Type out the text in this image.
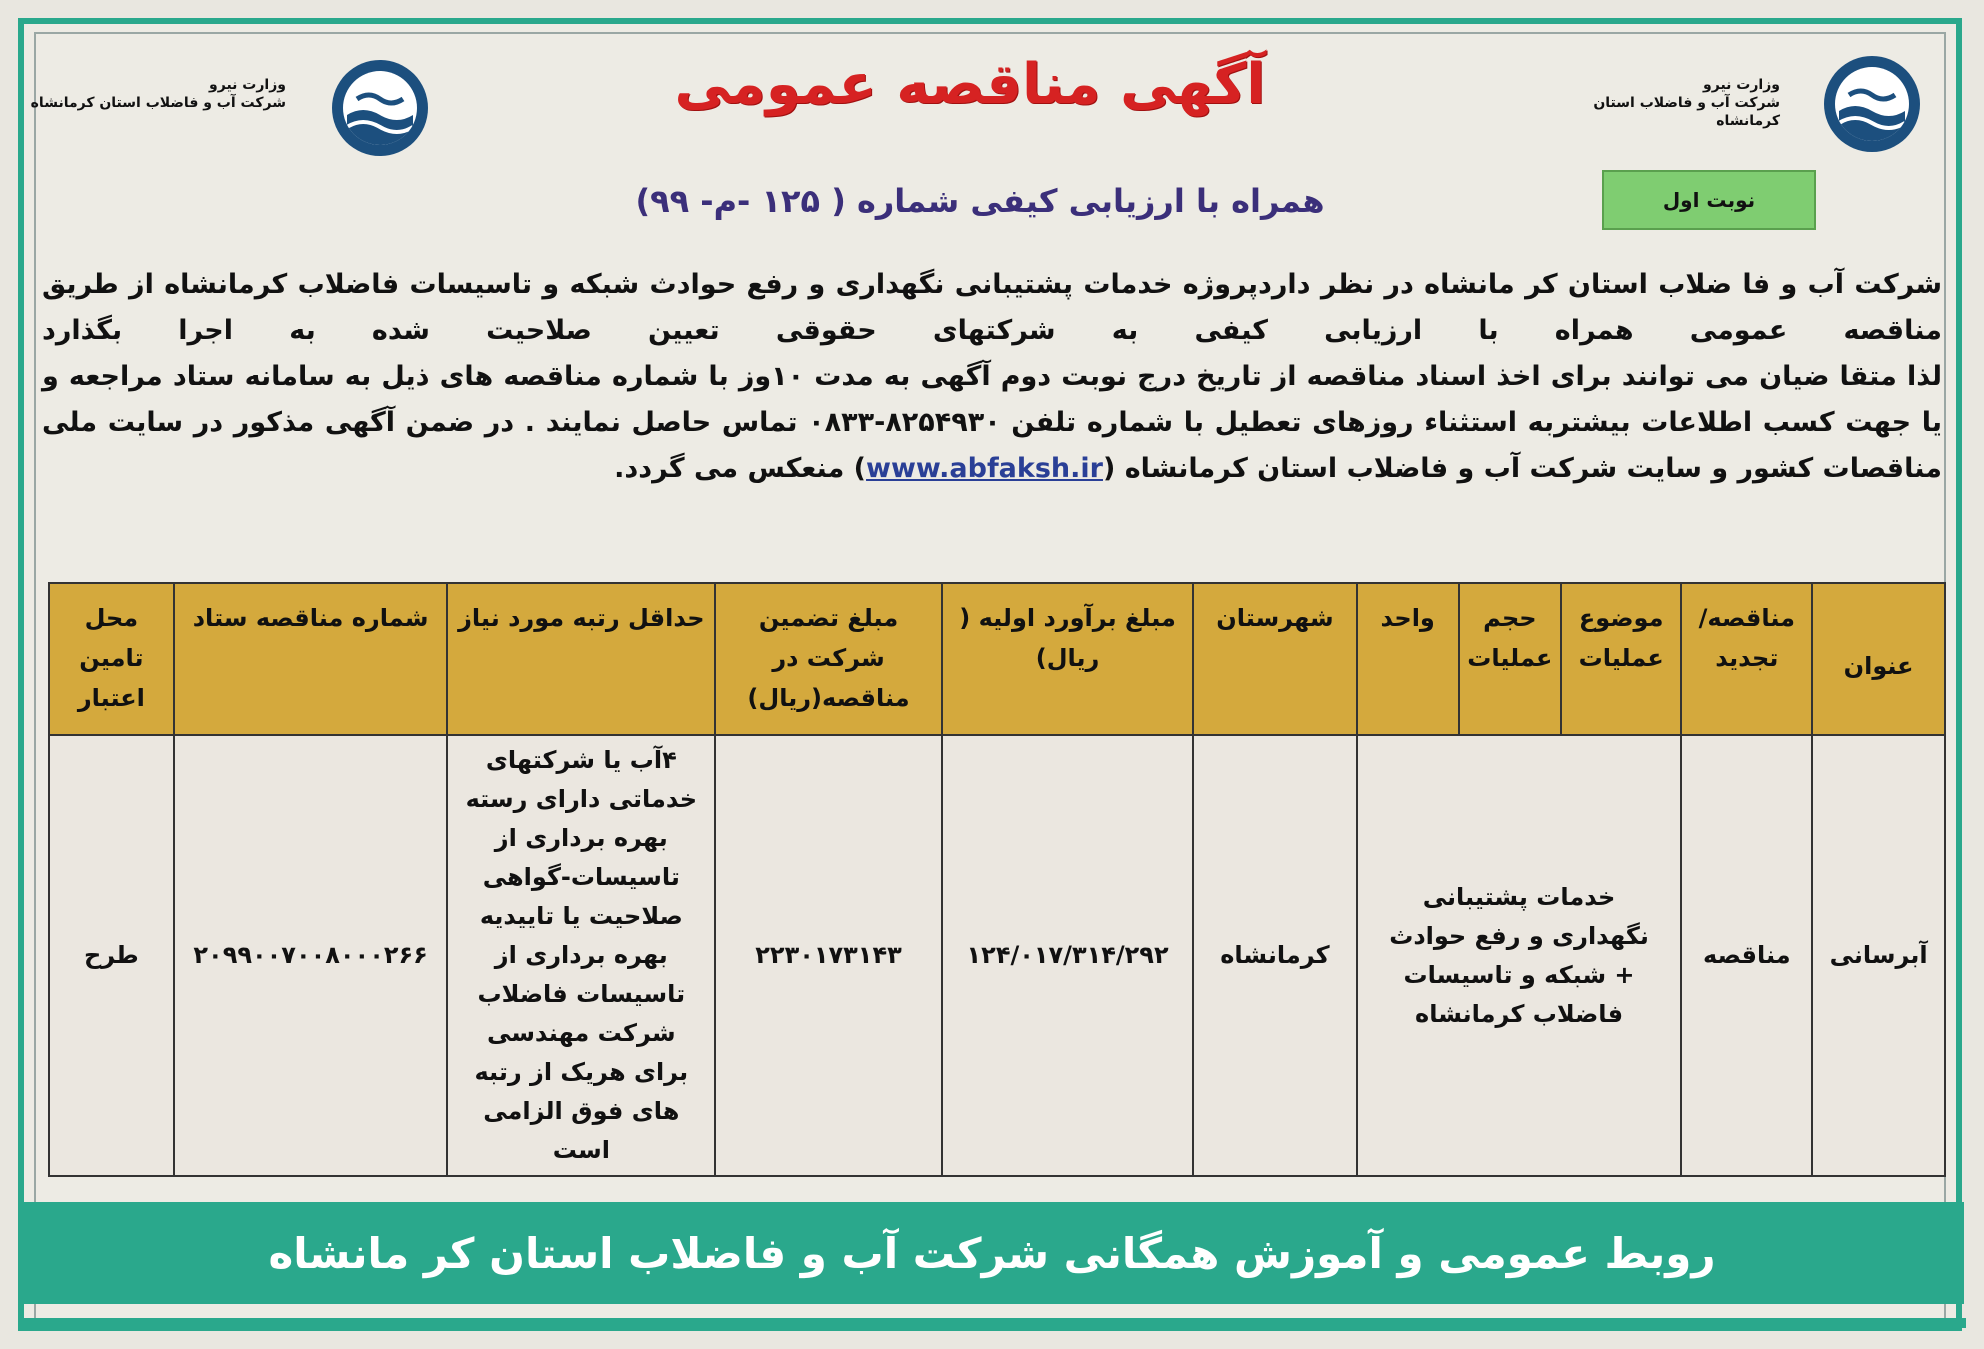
وزارت نیرو
شرکت آب و فاضلاب استان کرمانشاه
وزارت نیرو
شرکت آب و فاضلاب استان کرمانشاه
آگهی مناقصه عمومی
همراه با ارزیابی کیفی شماره ( ۱۲۵ -م- ۹۹)	نوبت اول

شرکت آب و فا ضلاب استان کر مانشاه در نظر داردپروژه خدمات پشتیبانی نگهداری و رفع حوادث شبکه و تاسیسات فاضلاب کرمانشاه از طریق مناقصه عمومی همراه با ارزیابی کیفی به شرکتهای حقوقی تعیین صلاحیت شده به اجرا بگذارد

لذا متقا ضیان می توانند برای اخذ اسناد مناقصه از تاریخ درج نوبت دوم آگهی به مدت ۱۰وز با شماره مناقصه های ذیل به سامانه ستاد مراجعه و یا جهت کسب اطلاعات بیشتربه استثناء روزهای تعطیل با شماره تلفن ۸۲۵۴۹۳۰-۰۸۳۳ تماس حاصل نمایند . در ضمن آگهی مذکور در سایت ملی مناقصات کشور و سایت شرکت آب و فاضلاب استان کرمانشاه (www.abfaksh.ir) منعکس می گردد.

عنوان	مناقصه/ تجدید	موضوع عملیات	حجم عملیات	واحد	شهرستان	مبلغ برآورد اولیه ( ریال)	مبلغ تضمین شرکت در مناقصه(ریال)	حداقل رتبه مورد نیاز	شماره مناقصه ستاد	محل تامین اعتبار
آبرسانی	مناقصه	خدمات پشتیبانی نگهداری و رفع حوادث + شبکه و تاسیسات فاضلاب کرمانشاه			کرمانشاه	۱۲۴/۰۱۷/۳۱۴/۲۹۲	۲۲۳۰۱۷۳۱۴۳	۴آب یا شرکتهای خدماتی دارای رسته بهره برداری از تاسیسات-گواهی صلاحیت یا تاییدیه بهره برداری از تاسیسات فاضلاب شرکت مهندسی برای هریک از رتبه های فوق الزامی است	۲۰۹۹۰۰۷۰۰۸۰۰۰۲۶۶	طرح
روبط عمومی و آموزش همگانی شرکت آب و فاضلاب استان کر مانشاه
